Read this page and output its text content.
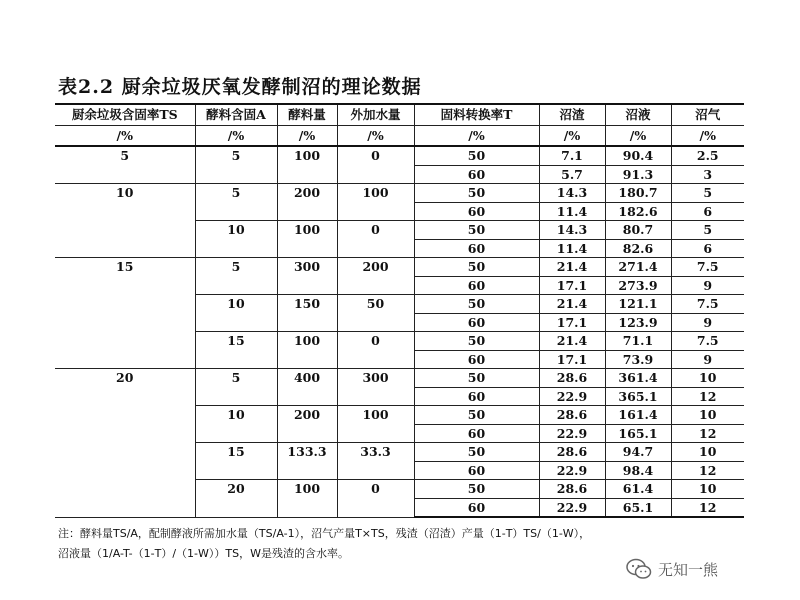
表2.2 厨余垃圾厌氧发酵制沼的理论数据
厨余垃圾含固率TS	酵料含固A	酵料量	外加水量	固料转换率T	沼渣	沼液	沼气
/%	/%	/%	/%	/%	/%	/%	/%
5	5	100	0	50	7.1	90.4	2.5
				60	5.7	91.3	3
10	5	200	100	50	14.3	180.7	5
				60	11.4	182.6	6
	10	100	0	50	14.3	80.7	5
				60	11.4	82.6	6
15	5	300	200	50	21.4	271.4	7.5
				60	17.1	273.9	9
	10	150	50	50	21.4	121.1	7.5
				60	17.1	123.9	9
	15	100	0	50	21.4	71.1	7.5
				60	17.1	73.9	9
20	5	400	300	50	28.6	361.4	10
				60	22.9	365.1	12
	10	200	100	50	28.6	161.4	10
				60	22.9	165.1	12
	15	133.3	33.3	50	28.6	94.7	10
				60	22.9	98.4	12
	20	100	0	50	28.6	61.4	10
				60	22.9	65.1	12
注：酵料量TS/A，配制酵液所需加水量（TS/A-1），沼气产量T×TS，残渣（沼渣）产量（1-T）TS/（1-W），
沼液量（1/A-T-（1-T）/（1-W））TS，W是残渣的含水率。
无知一熊
